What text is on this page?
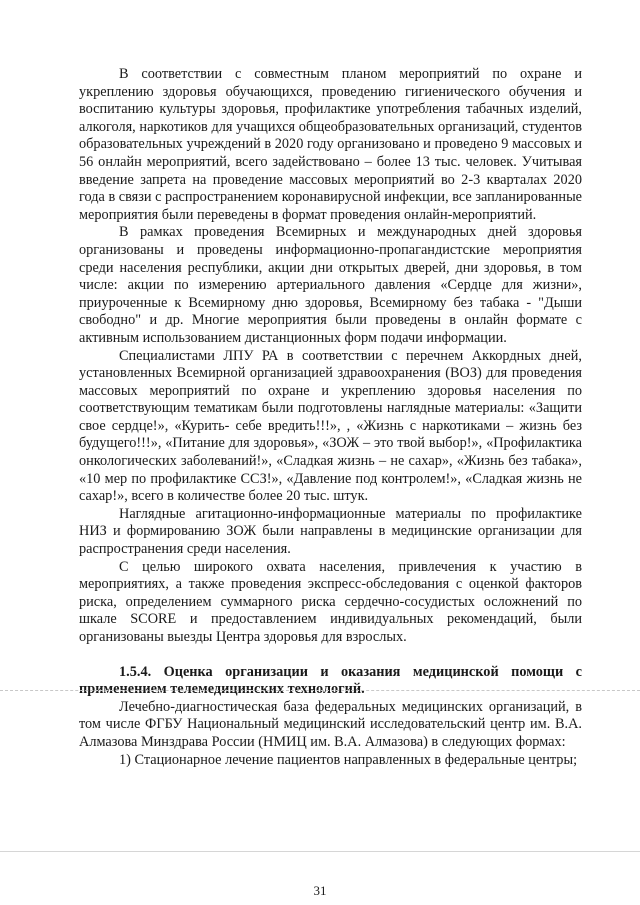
В соответствии с совместным планом мероприятий по охране и укреплению здоровья обучающихся, проведению гигиенического обучения и воспитанию культуры здоровья, профилактике употребления табачных изделий, алкоголя, наркотиков для учащихся общеобразовательных организаций, студентов образовательных учреждений в 2020 году организовано и проведено 9 массовых и 56 онлайн мероприятий, всего задействовано – более 13 тыс. человек. Учитывая введение запрета на проведение массовых мероприятий во 2-3 кварталах 2020 года в связи с распространением коронавирусной инфекции, все запланированные мероприятия были переведены в формат проведения онлайн-мероприятий.

В рамках проведения Всемирных и международных дней здоровья организованы и проведены информационно-пропагандистские мероприятия среди населения республики, акции дни открытых дверей, дни здоровья, в том числе: акции по измерению артериального давления «Сердце для жизни», приуроченные к Всемирному дню здоровья, Всемирному без табака - "Дыши свободно" и др. Многие мероприятия были проведены в онлайн формате с активным использованием дистанционных форм подачи информации.

Специалистами ЛПУ РА в соответствии с перечнем Аккордных дней, установленных Всемирной организацией здравоохранения (ВОЗ) для проведения массовых мероприятий по охране и укреплению здоровья населения по соответствующим тематикам были подготовлены наглядные материалы: «Защити свое сердце!», «Курить- себе вредить!!!», , «Жизнь с наркотиками – жизнь без будущего!!!», «Питание для здоровья», «ЗОЖ – это твой выбор!», «Профилактика онкологических заболеваний!», «Сладкая жизнь – не сахар», «Жизнь без табака», «10 мер по профилактике ССЗ!», «Давление под контролем!», «Сладкая жизнь не сахар!», всего в количестве более 20 тыс. штук.

Наглядные агитационно-информационные материалы по профилактике НИЗ и формированию ЗОЖ были направлены в медицинские организации для распространения среди населения.

С целью широкого охвата населения, привлечения к участию в мероприятиях, а также проведения экспресс-обследования с оценкой факторов риска, определением суммарного риска сердечно-сосудистых осложнений по шкале SCORE и предоставлением индивидуальных рекомендаций, были организованы выезды Центра здоровья для взрослых.

1.5.4. Оценка организации и оказания медицинской помощи с применением телемедицинских технологий.

Лечебно-диагностическая база федеральных медицинских организаций, в том числе ФГБУ Национальный медицинский исследовательский центр им. В.А. Алмазова Минздрава России (НМИЦ им. В.А. Алмазова) в следующих формах:

1) Стационарное лечение пациентов направленных в федеральные центры;

31
